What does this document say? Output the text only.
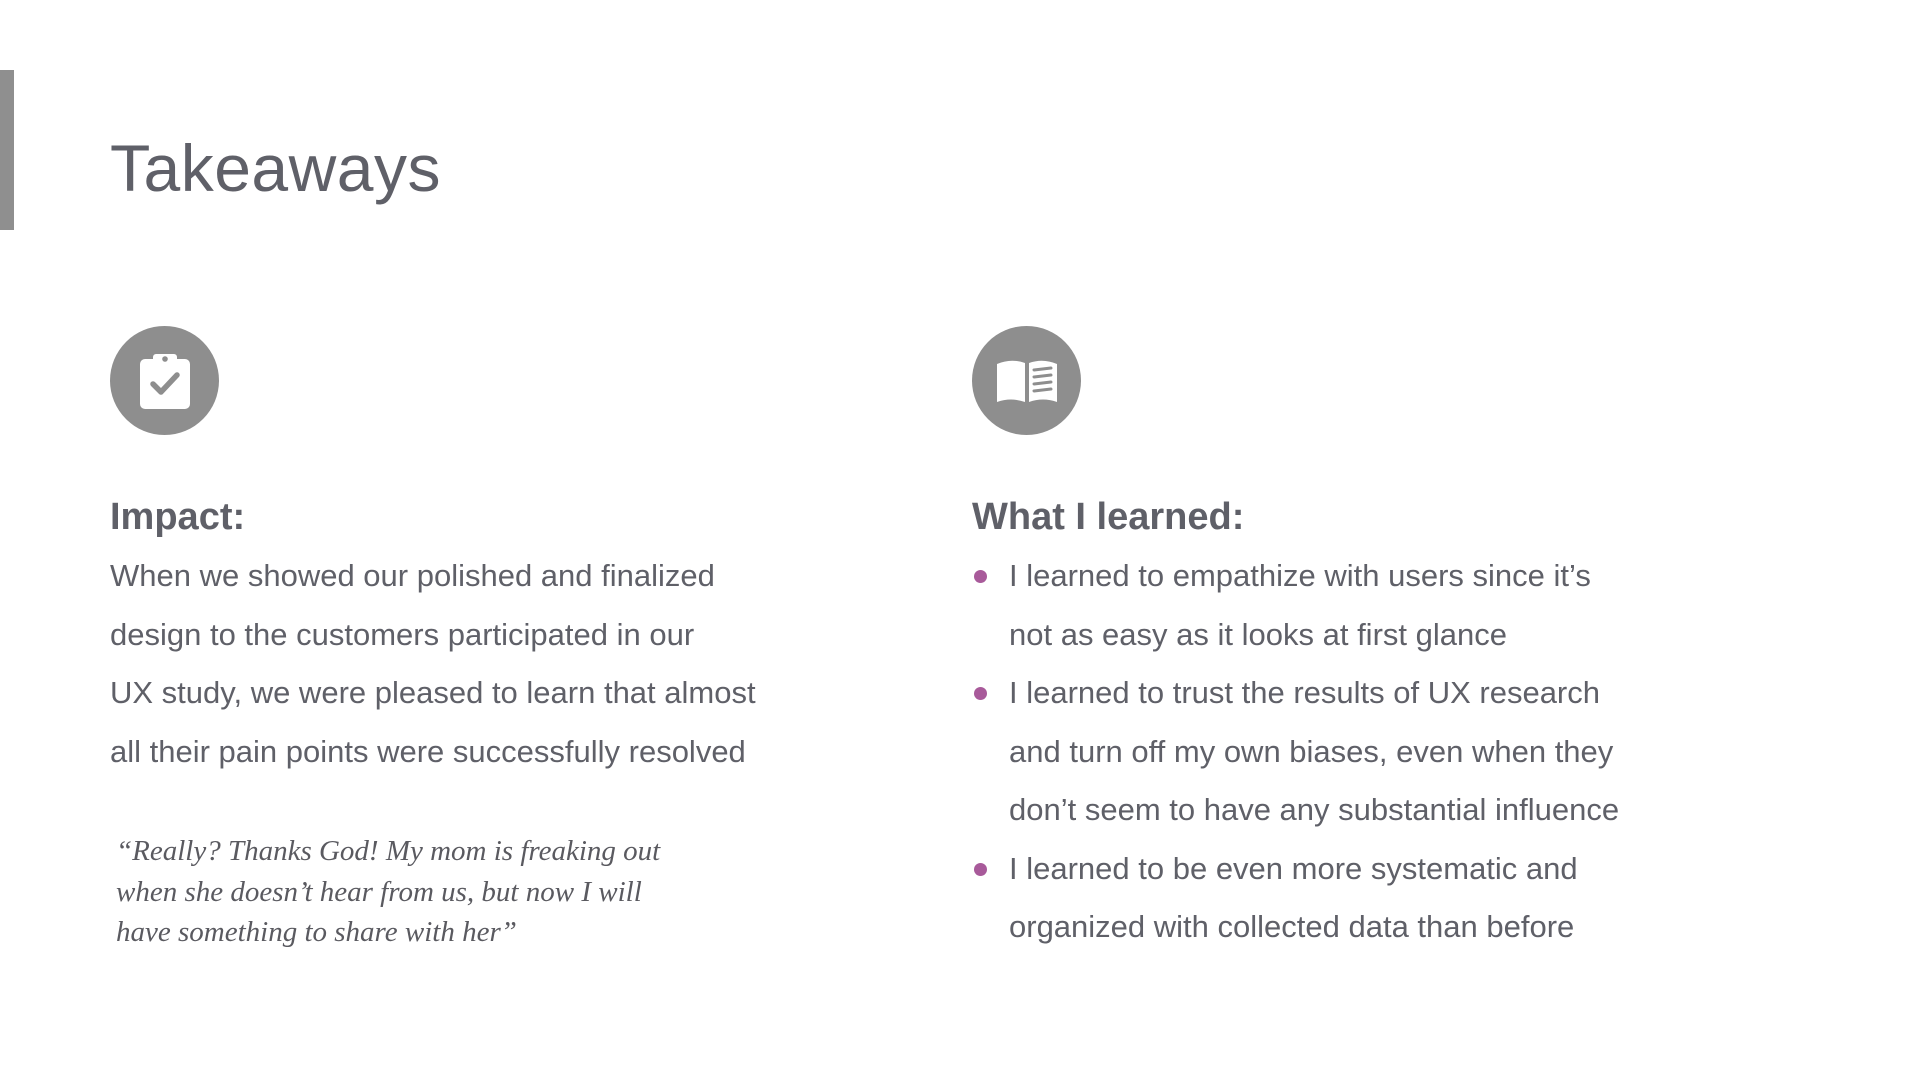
Takeaways
Impact:

When we showed our polished and finalized
design to the customers participated in our
UX study, we were pleased to learn that almost
all their pain points were successfully resolved

“Really? Thanks God! My mom is freaking out
when she doesn’t hear from us, but now I will
have something to share with her”
What I learned:
I learned to empathize with users since it’s
not as easy as it looks at first glance
I learned to trust the results of UX research
and turn off my own biases, even when they
don’t seem to have any substantial influence
I learned to be even more systematic and
organized with collected data than before
